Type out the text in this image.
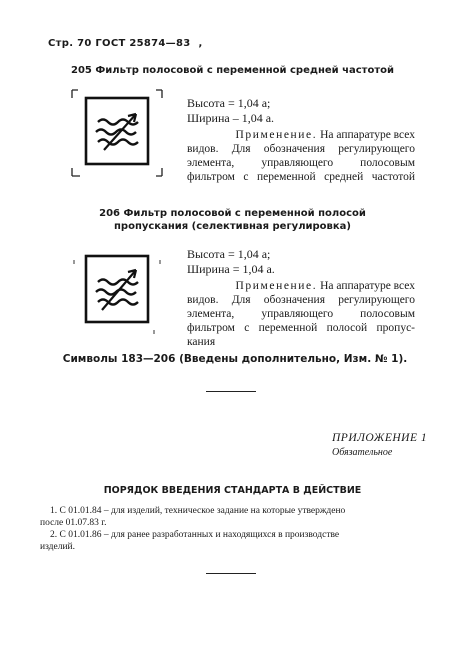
Стр. 70 ГОСТ 25874—83 ,
205 Фильтр полосовой с переменной средней частотой
Высота = 1,04 а;
Ширина – 1,04 а.
Применение. На аппаратуре всех
видов. Для обозначения регулирующего
элемента, управляющего полосовым
фильтром с переменной средней частотой
206 Фильтр полосовой с переменной полосой
пропускания (селективная регулировка)
Высота = 1,04 а;
Ширина = 1,04 а.
Применение. На аппаратуре всех
видов. Для обозначения регулирующего
элемента, управляющего полосовым
фильтром с переменной полосой пропус-
кания
Символы 183—206 (Введены дополнительно, Изм. № 1).
ПРИЛОЖЕНИЕ 1
Обязательное
ПОРЯДОК ВВЕДЕНИЯ СТАНДАРТА В ДЕЙСТВИЕ
1. С 01.01.84 – для изделий, техническое задание на которые утверждено
после 01.07.83 г.
2. С 01.01.86 – для ранее разработанных и находящихся в производстве
изделий.
